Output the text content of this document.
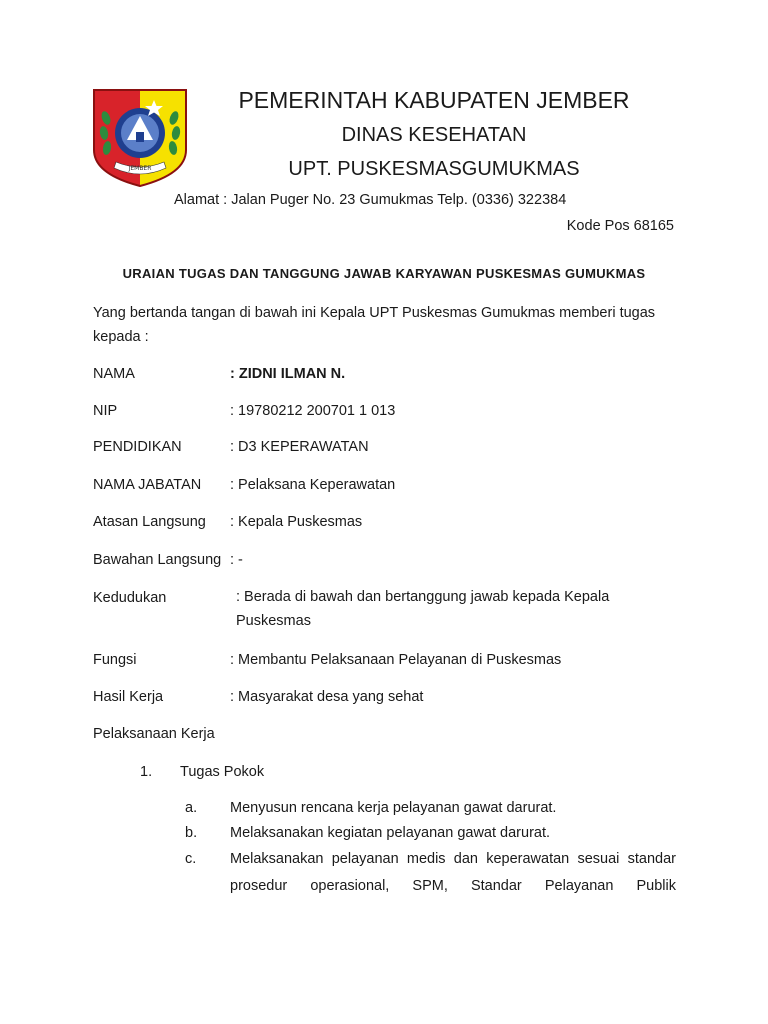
JEMBER
PEMERINTAH KABUPATEN JEMBER
DINAS KESEHATAN
UPT. PUSKESMASGUMUKMAS
Alamat : Jalan Puger No. 23 Gumukmas Telp. (0336) 322384
Kode Pos 68165
URAIAN TUGAS DAN TANGGUNG JAWAB KARYAWAN PUSKESMAS GUMUKMAS
Yang bertanda tangan di bawah ini Kepala UPT Puskesmas Gumukmas memberi tugas kepada :
NAMA	: ZIDNI ILMAN N.
NIP	: 19780212 200701 1 013
PENDIDIKAN	: D3 KEPERAWATAN
NAMA JABATAN : Pelaksana Keperawatan
Atasan Langsung : Kepala Puskesmas
Bawahan Langsung : -
Kedudukan	: Berada di bawah dan bertanggung jawab kepada Kepala Puskesmas
Fungsi	: Membantu Pelaksanaan Pelayanan di Puskesmas
Hasil Kerja	: Masyarakat desa yang sehat
Pelaksanaan Kerja
1. Tugas Pokok
a. Menyusun rencana kerja pelayanan gawat darurat.
b. Melaksanakan kegiatan pelayanan gawat darurat.
c. Melaksanakan pelayanan medis dan keperawatan sesuai standar prosedur operasional, SPM, Standar Pelayanan Publik
